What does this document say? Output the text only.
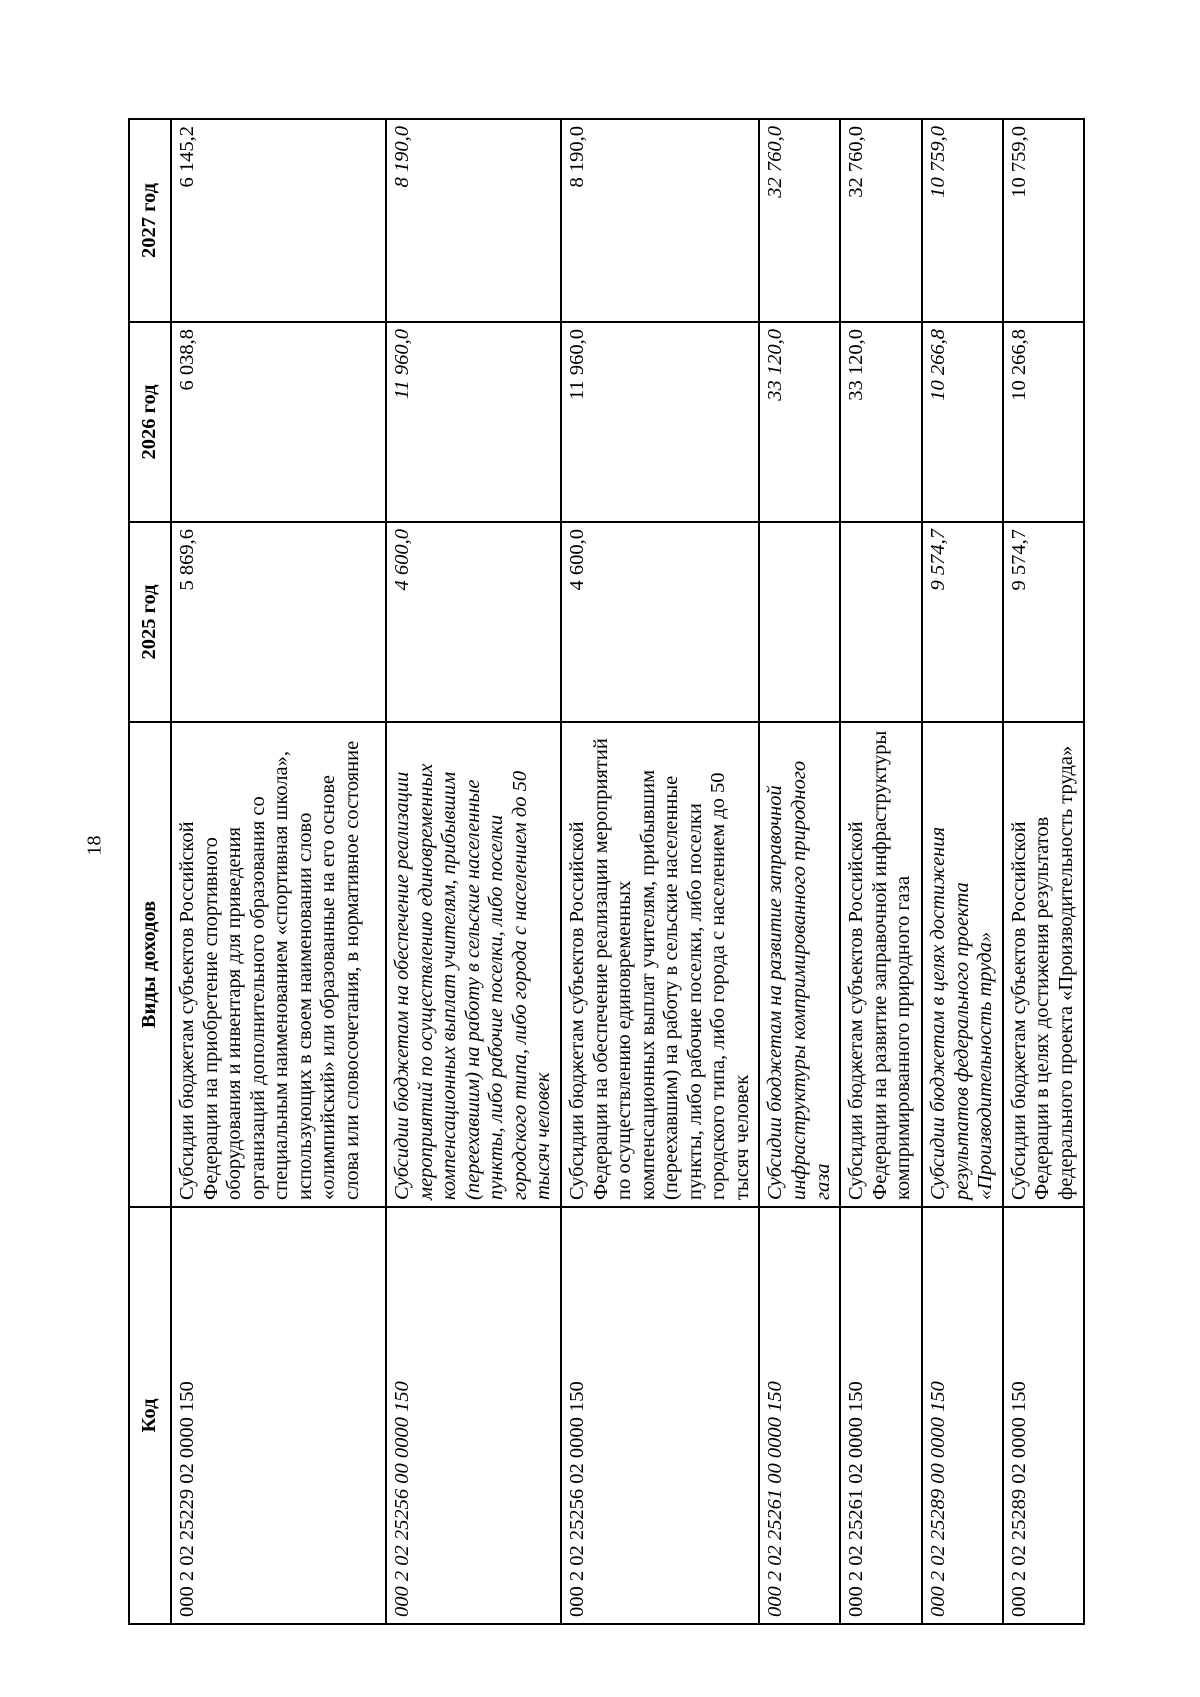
18
Код	Виды доходов	2025 год	2026 год	2027 год
000 2 02 25229 02 0000 150	Субсидии бюджетам субъектов Российской Федерации на приобретение спортивного оборудования и инвентаря для приведения организаций дополнительного образования со специальным наименованием «спортивная школа», использующих в своем наименовании слово «олимпийский» или образованные на его основе слова или словосочетания, в нормативное состояние	5 869,6	6 038,8	6 145,2
000 2 02 25256 00 0000 150	Субсидии бюджетам на обеспечение реализации мероприятий по осуществлению единовременных компенсационных выплат учителям, прибывшим (переехавшим) на работу в сельские населенные пункты, либо рабочие поселки, либо поселки городского типа, либо города с населением до 50 тысяч человек	4 600,0	11 960,0	8 190,0
000 2 02 25256 02 0000 150	Субсидии бюджетам субъектов Российской Федерации на обеспечение реализации мероприятий по осуществлению единовременных компенсационных выплат учителям, прибывшим (переехавшим) на работу в сельские населенные пункты, либо рабочие поселки, либо поселки городского типа, либо города с населением до 50 тысяч человек	4 600,0	11 960,0	8 190,0
000 2 02 25261 00 0000 150	Субсидии бюджетам на развитие заправочной инфраструктуры компримированного природного газа		33 120,0	32 760,0
000 2 02 25261 02 0000 150	Субсидии бюджетам субъектов Российской Федерации на развитие заправочной инфраструктуры компримированного природного газа		33 120,0	32 760,0
000 2 02 25289 00 0000 150	Субсидии бюджетам в целях достижения результатов федерального проекта «Производительность труда»	9 574,7	10 266,8	10 759,0
000 2 02 25289 02 0000 150	Субсидии бюджетам субъектов Российской Федерации в целях достижения результатов федерального проекта «Производительность труда»	9 574,7	10 266,8	10 759,0
